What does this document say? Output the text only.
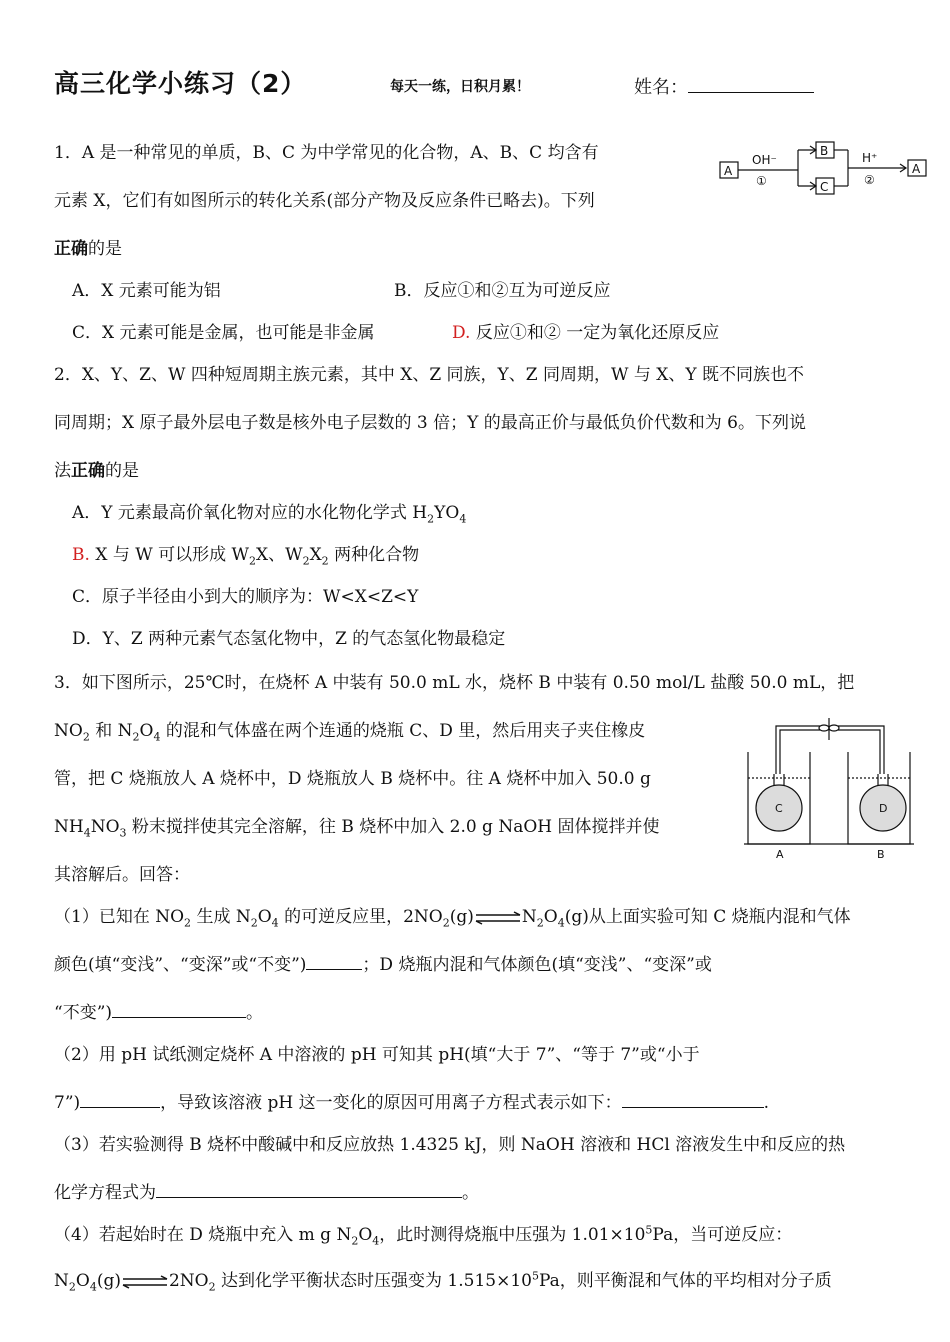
高三化学小练习（2）	每天一练，日积月累！	姓名：
1．A 是一种常见的单质，B、C 为中学常见的化合物，A、B、C 均含有
元素 X，它们有如图所示的转化关系(部分产物及反应条件已略去)。下列
正确的是
A．X 元素可能为铝	B．反应①和②互为可逆反应
C．X 元素可能是金属，也可能是非金属	D. 反应①和② 一定为氧化还原反应
A
OH⁻
①
B
C
H⁺
②
A
2．X、Y、Z、W 四种短周期主族元素，其中 X、Z 同族，Y、Z 同周期，W 与 X、Y 既不同族也不
同周期；X 原子最外层电子数是核外电子层数的 3 倍；Y 的最高正价与最低负价代数和为 6。下列说
法正确的是
A．Y 元素最高价氧化物对应的水化物化学式 $H_2YO_4$
B. X 与 W 可以形成 $W_2X$、$W_2X_2$ 两种化合物
C．原子半径由小到大的顺序为：W<X<Z<Y
D．Y、Z 两种元素气态氢化物中，Z 的气态氢化物最稳定
3．如下图所示，25℃时，在烧杯 A 中装有 50.0 mL 水，烧杯 B 中装有 0.50 mol/L 盐酸 50.0 mL，把
$NO_2$ 和 $N_2O_4$ 的混和气体盛在两个连通的烧瓶 C、D 里，然后用夹子夹住橡皮
管，把 C 烧瓶放人 A 烧杯中，D 烧瓶放人 B 烧杯中。往 A 烧杯中加入 50.0 g
$NH_4NO_3$ 粉末搅拌使其完全溶解，往 B 烧杯中加入 2.0 g NaOH 固体搅拌并使
其溶解后。回答：
C	D
A	B
（1）已知在 $NO_2$ 生成 $N_2O_4$ 的可逆反应里，$2NO_2(g)\rightleftharpoons N_2O_4(g)$从上面实验可知 C 烧瓶内混和气体
颜色(填“变浅”、“变深”或“不变”)	；D 烧瓶内混和气体颜色(填“变浅”、“变深”或
“不变”)	。
（2）用 pH 试纸测定烧杯 A 中溶液的 pH 可知其 pH(填“大于 7”、“等于 7”或“小于
7”)	，导致该溶液 pH 这一变化的原因可用离子方程式表示如下：	.
（3）若实验测得 B 烧杯中酸碱中和反应放热 1.4325 kJ，则 NaOH 溶液和 HCl 溶液发生中和反应的热
化学方程式为	。
（4）若起始时在 D 烧瓶中充入 m g $N_2O_4$，此时测得烧瓶中压强为 $1.01\times 10^5Pa$，当可逆反应：
$N_2O_4(g)\rightleftharpoons 2NO_2$ 达到化学平衡状态时压强变为 $1.515\times 10^5Pa$，则平衡混和气体的平均相对分子质
